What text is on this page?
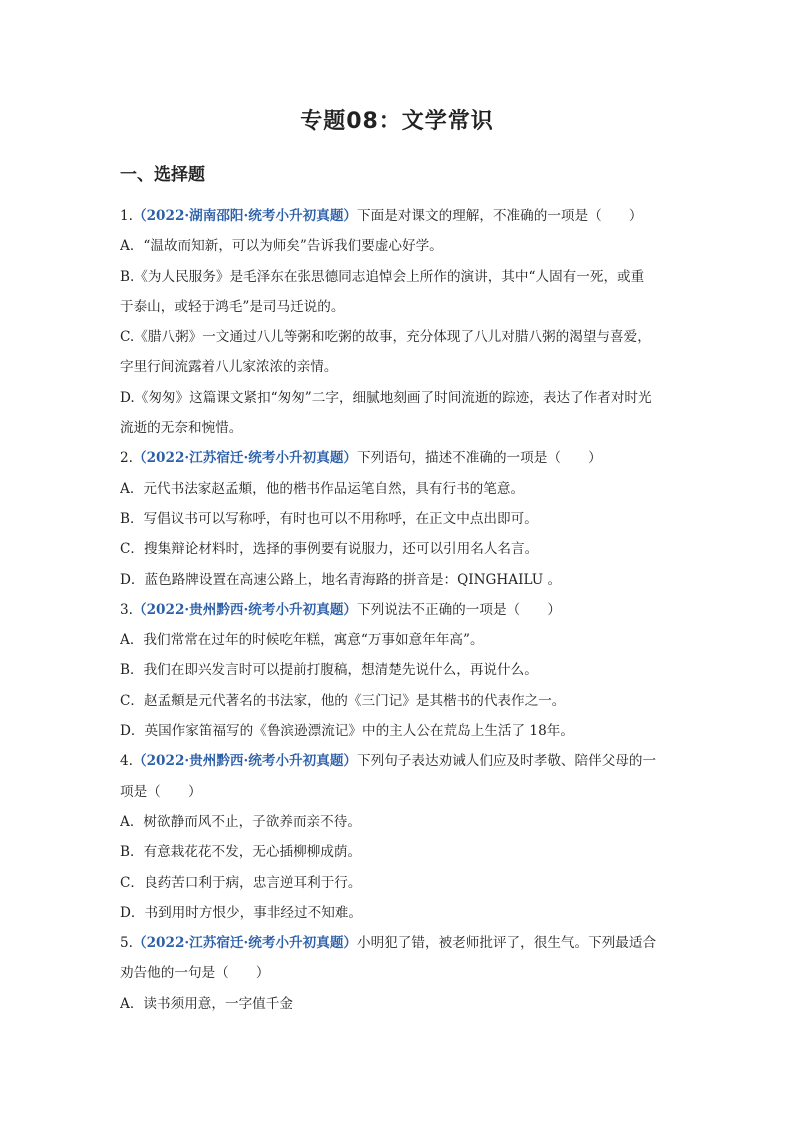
专题08：文学常识
一、选择题
1.（2022·湖南邵阳·统考小升初真题）下面是对课文的理解，不准确的一项是（　　）
A．“温故而知新，可以为师矣”告诉我们要虚心好学。
B.《为人民服务》是毛泽东在张思德同志追悼会上所作的演讲，其中“人固有一死，或重
于泰山，或轻于鸿毛”是司马迁说的。
C.《腊八粥》一文通过八儿等粥和吃粥的故事，充分体现了八儿对腊八粥的渴望与喜爱，
字里行间流露着八儿家浓浓的亲情。
D.《匆匆》这篇课文紧扣“匆匆”二字，细腻地刻画了时间流逝的踪迹，表达了作者对时光
流逝的无奈和惋惜。
2.（2022·江苏宿迁·统考小升初真题）下列语句，描述不准确的一项是（　　）
A．元代书法家赵孟頫，他的楷书作品运笔自然，具有行书的笔意。
B．写倡议书可以写称呼，有时也可以不用称呼，在正文中点出即可。
C．搜集辩论材料时，选择的事例要有说服力，还可以引用名人名言。
D．蓝色路牌设置在高速公路上，地名青海路的拼音是：QINGHAILU 。
3.（2022·贵州黔西·统考小升初真题）下列说法不正确的一项是（　　）
A．我们常常在过年的时候吃年糕，寓意“万事如意年年高”。
B．我们在即兴发言时可以提前打腹稿，想清楚先说什么，再说什么。
C．赵孟頫是元代著名的书法家，他的《三门记》是其楷书的代表作之一。
D．英国作家笛福写的《鲁滨逊漂流记》中的主人公在荒岛上生活了 18年。
4.（2022·贵州黔西·统考小升初真题）下列句子表达劝诫人们应及时孝敬、陪伴父母的一
项是（　　）
A．树欲静而风不止，子欲养而亲不待。
B．有意栽花花不发，无心插柳柳成荫。
C．良药苦口利于病，忠言逆耳利于行。
D．书到用时方恨少，事非经过不知难。
5.（2022·江苏宿迁·统考小升初真题）小明犯了错，被老师批评了，很生气。下列最适合
劝告他的一句是（　　）
A．读书须用意，一字值千金
